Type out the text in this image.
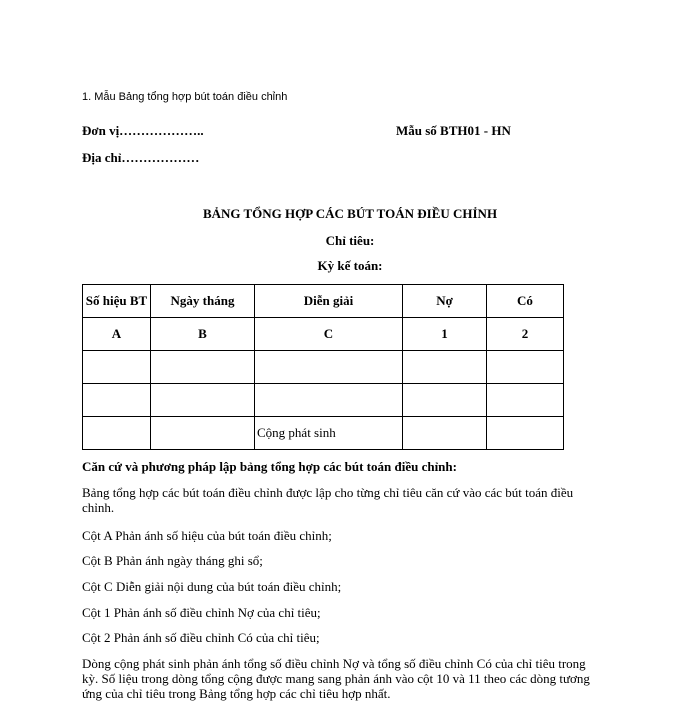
1. Mẫu Bảng tổng hợp bút toán điều chỉnh
Đơn vị………………..	Mẫu số BTH01 - HN
Địa chỉ………………
BẢNG TỔNG HỢP CÁC BÚT TOÁN ĐIỀU CHỈNH
Chỉ tiêu:
Kỳ kế toán:
Số hiệu BT	Ngày tháng	Diễn giải	Nợ	Có
A	B	C	1	2

		Cộng phát sinh		
Căn cứ và phương pháp lập bảng tổng hợp các bút toán điều chỉnh:
Bảng tổng hợp các bút toán điều chỉnh được lập cho từng chỉ tiêu căn cứ vào các bút toán điều chỉnh.
Cột A Phản ánh số hiệu của bút toán điều chỉnh;
Cột B Phản ánh ngày tháng ghi sổ;
Cột C Diễn giải nội dung của bút toán điều chỉnh;
Cột 1 Phản ánh số điều chỉnh Nợ của chỉ tiêu;
Cột 2 Phản ánh số điều chỉnh Có của chỉ tiêu;
Dòng cộng phát sinh phản ánh tổng số điều chỉnh Nợ và tổng số điều chỉnh Có của chỉ tiêu trong kỳ. Số liệu trong dòng tổng cộng được mang sang phản ánh vào cột 10 và 11 theo các dòng tương ứng của chỉ tiêu trong Bảng tổng hợp các chỉ tiêu hợp nhất.
